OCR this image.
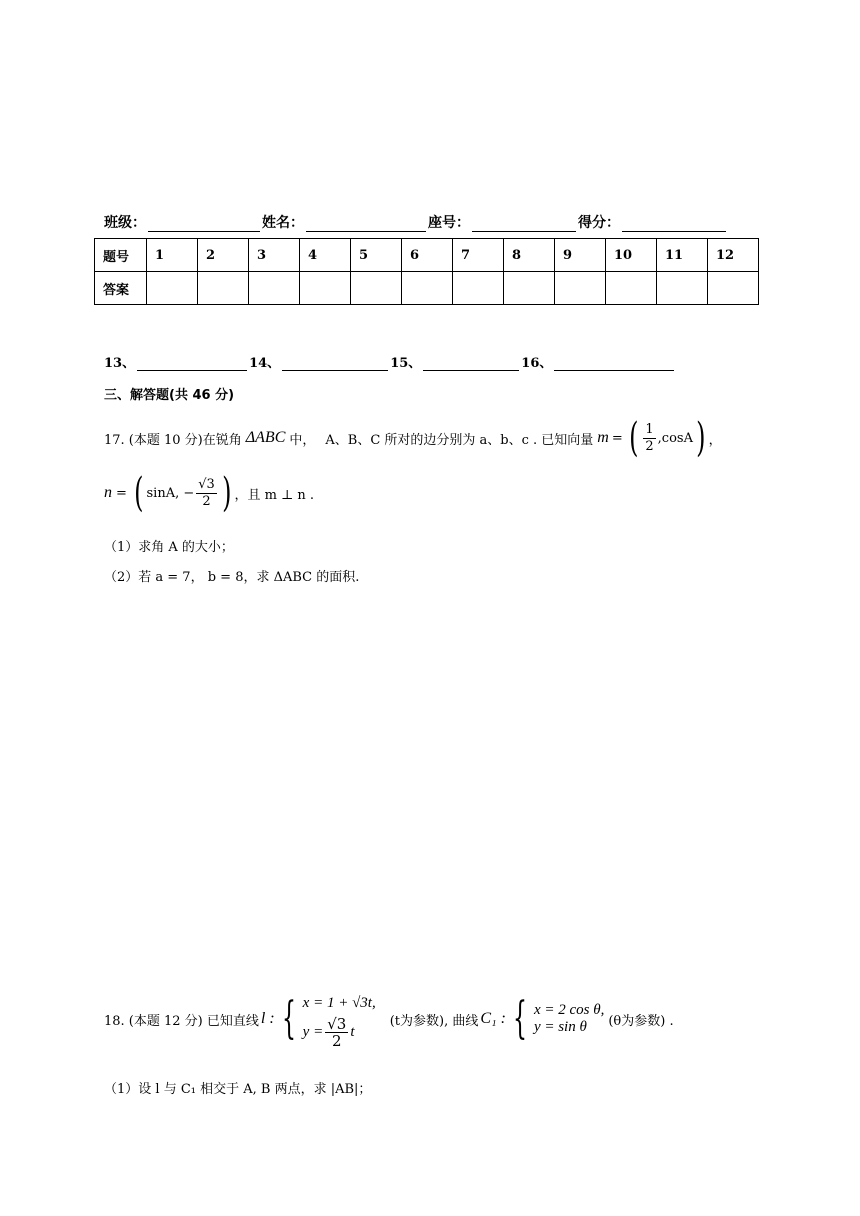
班级：	姓名：	座号：	得分：
题号	1	2	3	4	5	6	7	8	9	10	11	12
答案												
13、	14、	15、	16、
三、解答题(共 46 分)
17. (本题 10 分)在锐角 ΔABC 中， A、B、C 所对的边分别为 a、b、c . 已知向量 m = ( $\frac{1}{2} ,\cos A$ ) ，
n = ( sinA, − $\frac{√3}{2}$ ) ，且 m ⊥ n .
（1）求角 A 的大小；
（2）若 a = 7， b = 8，求 ΔABC 的面积.
18. (本题 12 分) 已知直线 l : { x = 1 + √3t,
$y = \frac{√3}{2}$ t
(t为参数) , 曲线 C₁ : { x = 2 cos θ,
y = sin θ	(θ为参数) .
（1）设 l 与 C₁ 相交于 A, B 两点，求 |AB|；
